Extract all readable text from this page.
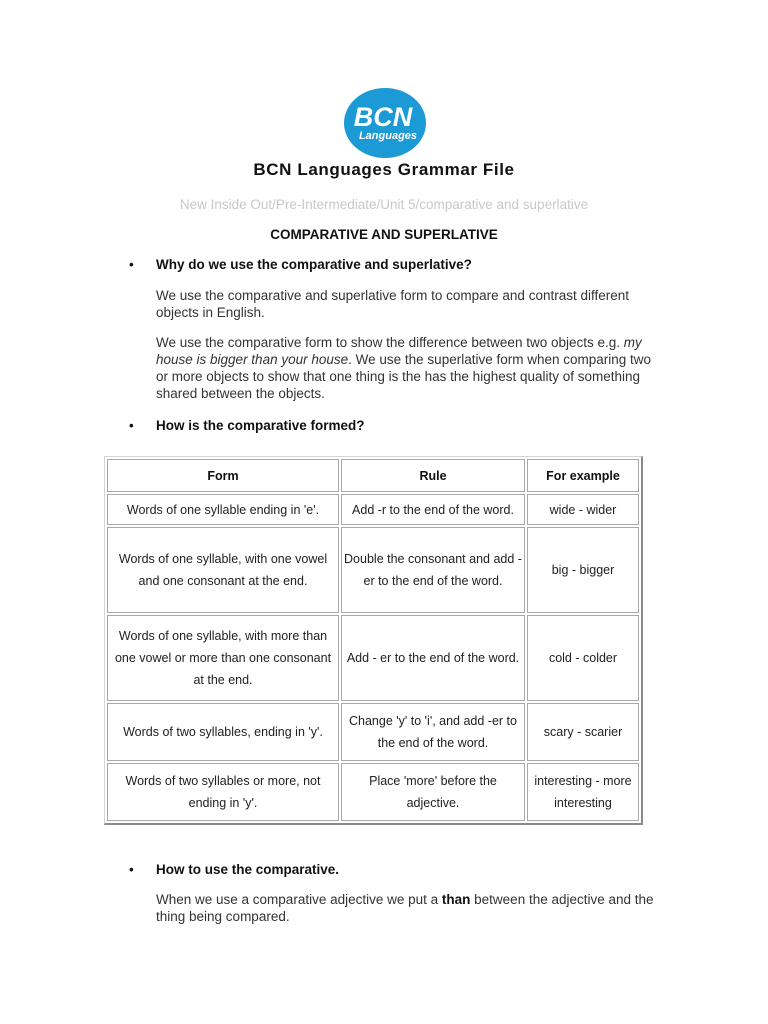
BCN
Languages
BCN Languages Grammar File
New Inside Out/Pre-Intermediate/Unit 5/comparative and superlative
COMPARATIVE AND SUPERLATIVE
• Why do we use the comparative and superlative?
We use the comparative and superlative form to compare and contrast different objects in English.
We use the comparative form to show the difference between two objects e.g. my house is bigger than your house. We use the superlative form when comparing two or more objects to show that one thing is the has the highest quality of something shared between the objects.
• How is the comparative formed?
Form	Rule	For example
Words of one syllable ending in 'e'.	Add -r to the end of the word.	wide - wider
Words of one syllable, with one vowel and one consonant at the end.	Double the consonant and add -er to the end of the word.	big - bigger
Words of one syllable, with more than one vowel or more than one consonant at the end.	Add - er to the end of the word.	cold - colder
Words of two syllables, ending in 'y'.	Change 'y' to 'i', and add -er to the end of the word.	scary - scarier
Words of two syllables or more, not ending in 'y'.	Place 'more' before the adjective.	interesting - more interesting
• How to use the comparative.
When we use a comparative adjective we put a than between the adjective and the thing being compared.
